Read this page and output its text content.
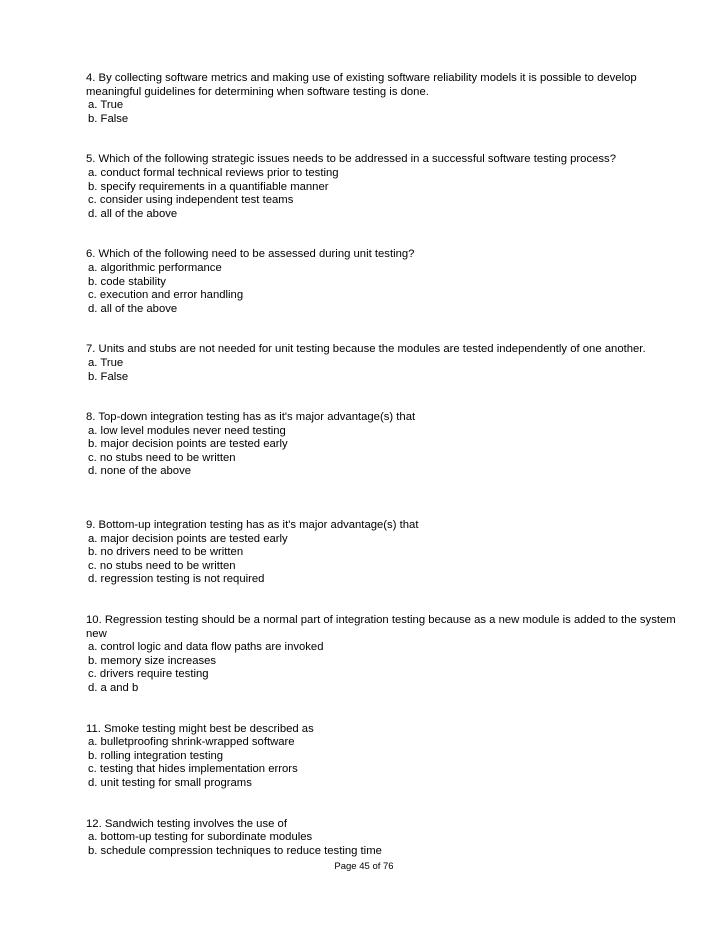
4. By collecting software metrics and making use of existing software reliability models it is possible to develop meaningful guidelines for determining when software testing is done.

a. True

b. False

5. Which of the following strategic issues needs to be addressed in a successful software testing process?

a. conduct formal technical reviews prior to testing

b. specify requirements in a quantifiable manner

c. consider using independent test teams

d. all of the above

6. Which of the following need to be assessed during unit testing?

a. algorithmic performance

b. code stability

c. execution and error handling

d. all of the above

7. Units and stubs are not needed for unit testing because the modules are tested independently of one another.

a. True

b. False

8. Top-down integration testing has as it's major advantage(s) that

a. low level modules never need testing

b. major decision points are tested early

c. no stubs need to be written

d. none of the above

9. Bottom-up integration testing has as it's major advantage(s) that

a. major decision points are tested early

b. no drivers need to be written

c. no stubs need to be written

d. regression testing is not required

10. Regression testing should be a normal part of integration testing because as a new module is added to the system new

a. control logic and data flow paths are invoked

b. memory size increases

c. drivers require testing

d. a and b

11. Smoke testing might best be described as

a. bulletproofing shrink-wrapped software

b. rolling integration testing

c. testing that hides implementation errors

d. unit testing for small programs

12. Sandwich testing involves the use of

a. bottom-up testing for subordinate modules

b. schedule compression techniques to reduce testing time

Page 45 of 76
